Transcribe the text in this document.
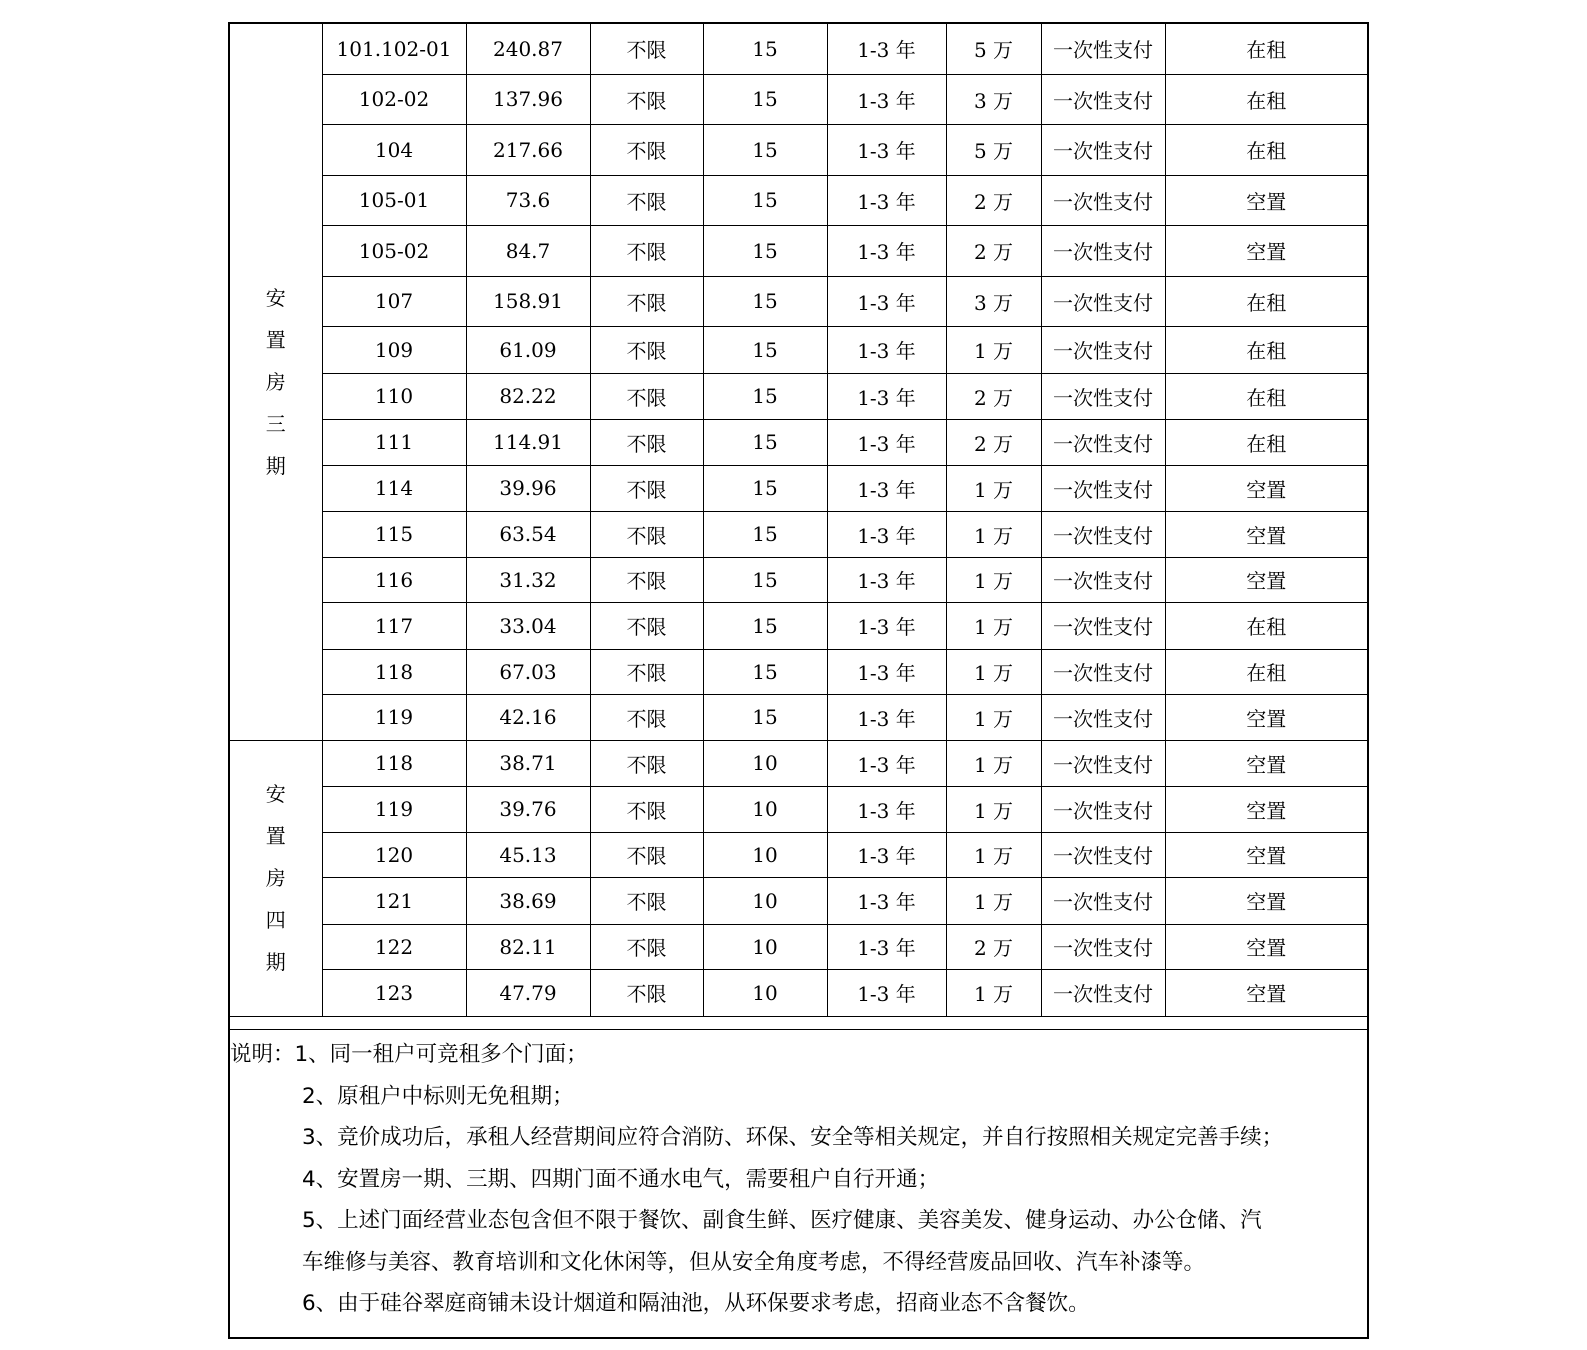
安
置
房
三
期	101.102-01	240.87	不限	15	1-3 年	5 万	一次性支付	在租
	102-02	137.96	不限	15	1-3 年	3 万	一次性支付	在租
	104	217.66	不限	15	1-3 年	5 万	一次性支付	在租
	105-01	73.6	不限	15	1-3 年	2 万	一次性支付	空置
	105-02	84.7	不限	15	1-3 年	2 万	一次性支付	空置
	107	158.91	不限	15	1-3 年	3 万	一次性支付	在租
	109	61.09	不限	15	1-3 年	1 万	一次性支付	在租
	110	82.22	不限	15	1-3 年	2 万	一次性支付	在租
	111	114.91	不限	15	1-3 年	2 万	一次性支付	在租
	114	39.96	不限	15	1-3 年	1 万	一次性支付	空置
	115	63.54	不限	15	1-3 年	1 万	一次性支付	空置
	116	31.32	不限	15	1-3 年	1 万	一次性支付	空置
	117	33.04	不限	15	1-3 年	1 万	一次性支付	在租
	118	67.03	不限	15	1-3 年	1 万	一次性支付	在租
	119	42.16	不限	15	1-3 年	1 万	一次性支付	空置

安
置
房
四
期	118	38.71	不限	10	1-3 年	1 万	一次性支付	空置
	119	39.76	不限	10	1-3 年	1 万	一次性支付	空置
	120	45.13	不限	10	1-3 年	1 万	一次性支付	空置
	121	38.69	不限	10	1-3 年	1 万	一次性支付	空置
	122	82.11	不限	10	1-3 年	2 万	一次性支付	空置
	123	47.79	不限	10	1-3 年	1 万	一次性支付	空置
说明：1、同一租户可竞租多个门面；
2、原租户中标则无免租期；
3、竞价成功后，承租人经营期间应符合消防、环保、安全等相关规定，并自行按照相关规定完善手续；
4、安置房一期、三期、四期门面不通水电气，需要租户自行开通；
5、上述门面经营业态包含但不限于餐饮、副食生鲜、医疗健康、美容美发、健身运动、办公仓储、汽
车维修与美容、教育培训和文化休闲等，但从安全角度考虑，不得经营废品回收、汽车补漆等。
6、由于硅谷翠庭商铺未设计烟道和隔油池，从环保要求考虑，招商业态不含餐饮。
